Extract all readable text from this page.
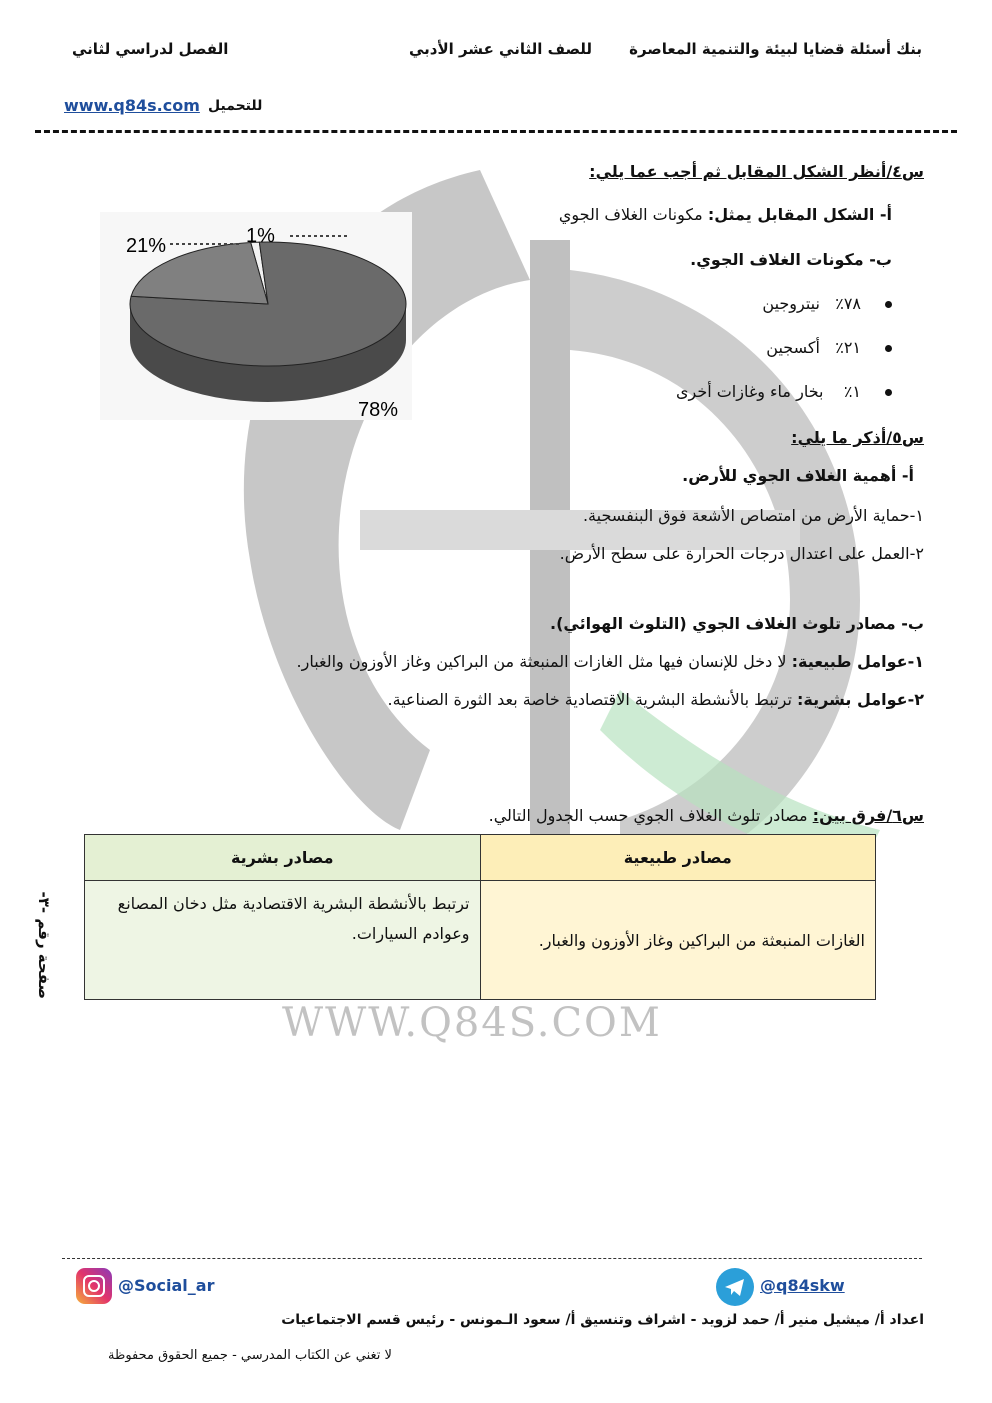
بنك أسئلة قضايا لبيئة والتنمية المعاصرة
للصف الثاني عشر الأدبي
الفصل لدراسي لثاني
للتحميل
www.q84s.com
س٤/أنظر الشكل المقابل ثم أجب عما يلي:
أ- الشكل المقابل يمثل: مكونات الغلاف الجوي
ب- مكونات الغلاف الجوي.
٧٨٪   نيتروجين
٢١٪   أكسجين
١٪    بخار ماء وغازات أخرى
1%
21%
78%
س٥/أذكر ما يلي:
أ- أهمية الغلاف الجوي للأرض.
١-حماية الأرض من امتصاص الأشعة فوق البنفسجية.
٢-العمل على اعتدال درجات الحرارة على سطح الأرض.
ب- مصادر تلوث الغلاف الجوي (التلوث الهوائي).
١-عوامل طبيعية: لا دخل للإنسان فيها مثل الغازات المنبعثة من البراكين وغاز الأوزون والغبار.
٢-عوامل بشرية: ترتبط بالأنشطة البشرية الاقتصادية خاصة بعد الثورة الصناعية.
س٦/فرق بين: مصادر تلوث الغلاف الجوي حسب الجدول التالي.
مصادر طبيعية	مصادر بشرية
الغازات المنبعثة من البراكين وغاز الأوزون والغبار.	ترتبط بالأنشطة البشرية الاقتصادية مثل دخان المصانع وعوادم السيارات.
صفحة رقم -٣-
WWW.Q84S.COM
@q84skw
@Social_ar
اعداد أ/ ميشيل منير أ/ حمد لزويد - اشراف وتنسيق أ/ سعود الـمونس - رئيس قسم الاجتماعيات
لا تغني عن الكتاب المدرسي - جميع الحقوق محفوظة
